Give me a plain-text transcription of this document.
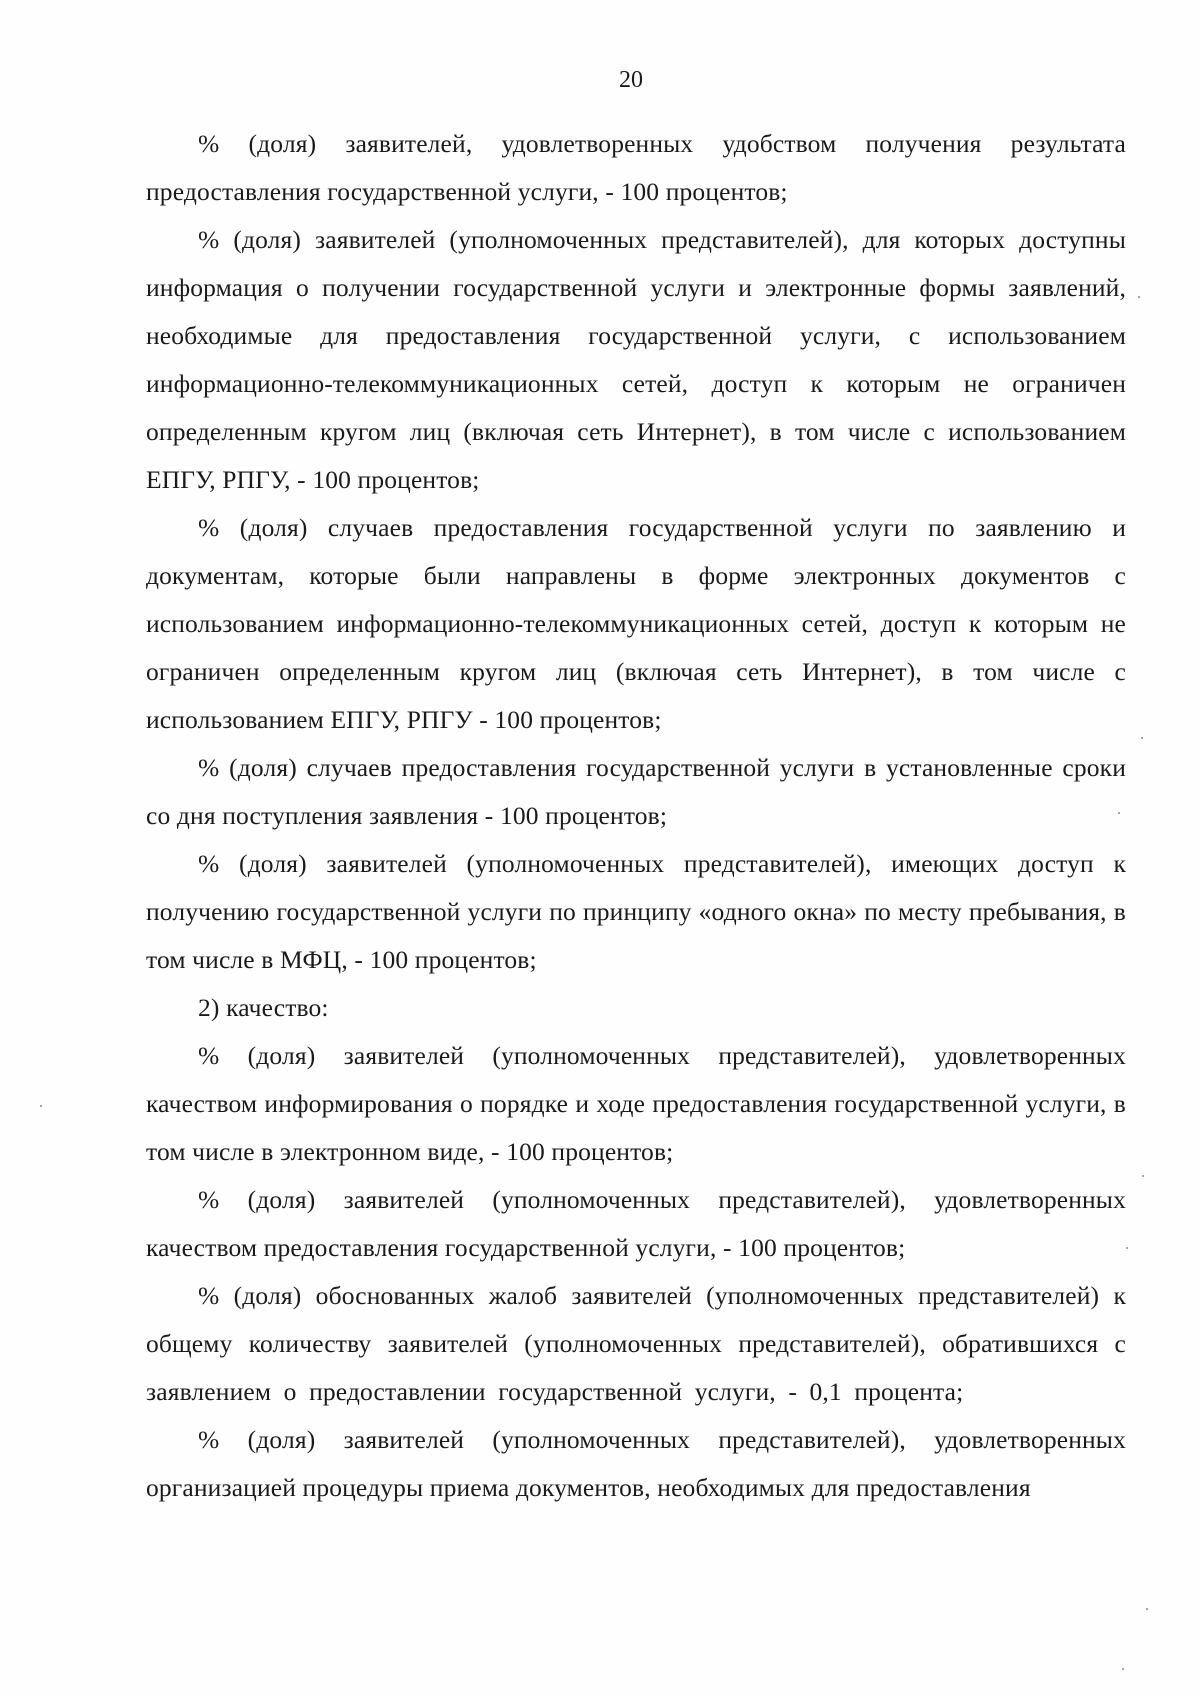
20

% (доля) заявителей, удовлетворенных удобством получения результата предоставления государственной услуги, - 100 процентов;

% (доля) заявителей (уполномоченных представителей), для которых доступны информация о получении государственной услуги и электронные формы заявлений, необходимые для предоставления государственной услуги, с использованием информационно-телекоммуникационных сетей, доступ к которым не ограничен определенным кругом лиц (включая сеть Интернет), в том числе с использованием ЕПГУ, РПГУ, - 100 процентов;

% (доля) случаев предоставления государственной услуги по заявлению и документам, которые были направлены в форме электронных документов с использованием информационно-телекоммуникационных сетей, доступ к которым не ограничен определенным кругом лиц (включая сеть Интернет), в том числе с использованием ЕПГУ, РПГУ - 100 процентов;

% (доля) случаев предоставления государственной услуги в установленные сроки со дня поступления заявления - 100 процентов;

% (доля) заявителей (уполномоченных представителей), имеющих доступ к получению государственной услуги по принципу «одного окна» по месту пребывания, в том числе в МФЦ, - 100 процентов;

2) качество:

% (доля) заявителей (уполномоченных представителей), удовлетворенных качеством информирования о порядке и ходе предоставления государственной услуги, в том числе в электронном виде, - 100 процентов;

% (доля) заявителей (уполномоченных представителей), удовлетворенных качеством предоставления государственной услуги, - 100 процентов;

% (доля) обоснованных жалоб заявителей (уполномоченных представителей) к общему количеству заявителей (уполномоченных представителей), обратившихся с заявлением о предоставлении государственной услуги, - 0,1 процента;

% (доля) заявителей (уполномоченных представителей), удовлетворенных организацией процедуры приема документов, необходимых для предоставления
